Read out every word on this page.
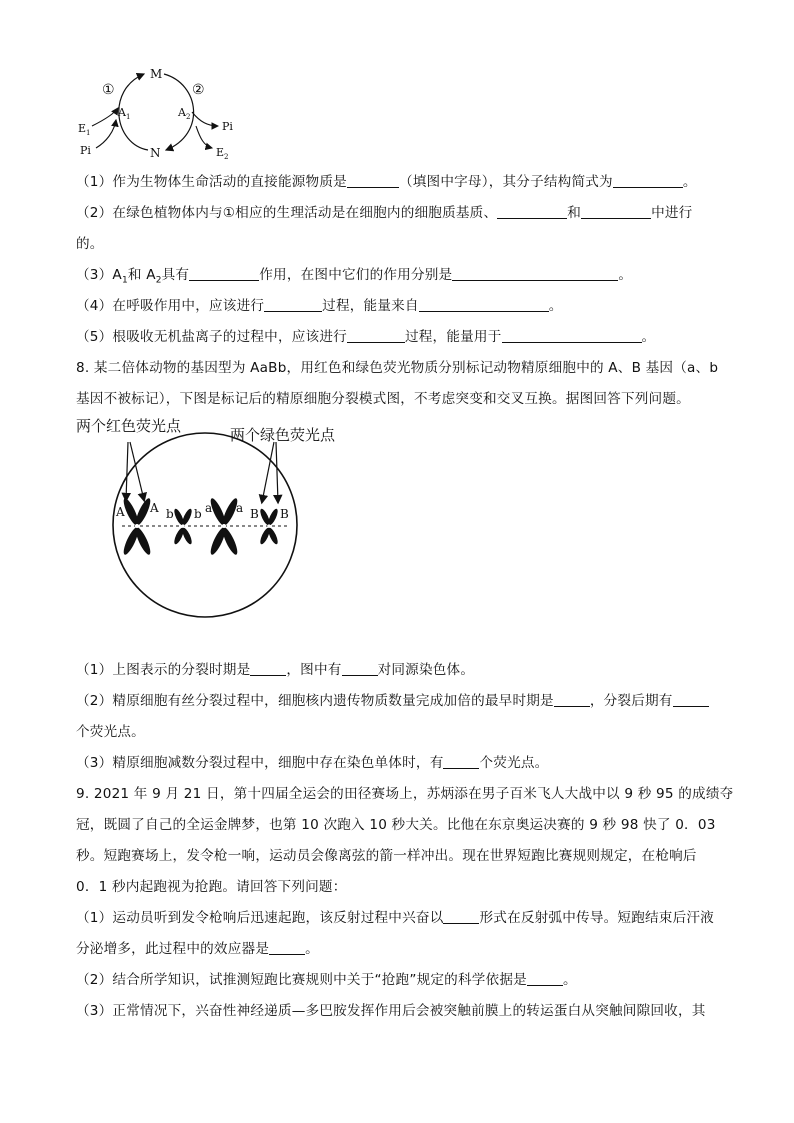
M
N
①	②
$A_1$	$A_2$
$E_1$
Pi
Pi
$E_2$
（1）作为生物体生命活动的直接能源物质是	（填图中字母），其分子结构简式为	。
（2）在绿色植物体内与①相应的生理活动是在细胞内的细胞质基质、	和	中进行
的。
$(3)A_1$和 $A_2$具有	作用，在图中它们的作用分别是	。
（4）在呼吸作用中，应该进行	过程，能量来自	。
（5）根吸收无机盐离子的过程中，应该进行	过程，能量用于	。
8. 某二倍体动物的基因型为 AaBb，用红色和绿色荧光物质分别标记动物精原细胞中的 A、B 基因（a、b
基因不被标记），下图是标记后的精原细胞分裂模式图，不考虑突变和交叉互换。据图回答下列问题。
两个红色荧光点	两个绿色荧光点
A A b b a a B B
（1）上图表示的分裂时期是	，图中有	对同源染色体。
（2）精原细胞有丝分裂过程中，细胞核内遗传物质数量完成加倍的最早时期是	，分裂后期有
个荧光点。
（3）精原细胞减数分裂过程中，细胞中存在染色单体时，有	个荧光点。
9. 2021 年 9 月 21 日，第十四届全运会的田径赛场上，苏炳添在男子百米飞人大战中以 9 秒 95 的成绩夺
冠，既圆了自己的全运金牌梦，也第 10 次跑入 10 秒大关。比他在东京奥运决赛的 9 秒 98 快了 0．03
秒。短跑赛场上，发令枪一响，运动员会像离弦的箭一样冲出。现在世界短跑比赛规则规定，在枪响后
0．1 秒内起跑视为抢跑。请回答下列问题：
（1）运动员听到发令枪响后迅速起跑，该反射过程中兴奋以	形式在反射弧中传导。短跑结束后汗液
分泌增多，此过程中的效应器是	。
（2）结合所学知识，试推测短跑比赛规则中关于“抢跑”规定的科学依据是	。
（3）正常情况下，兴奋性神经递质—多巴胺发挥作用后会被突触前膜上的转运蛋白从突触间隙回收，其
